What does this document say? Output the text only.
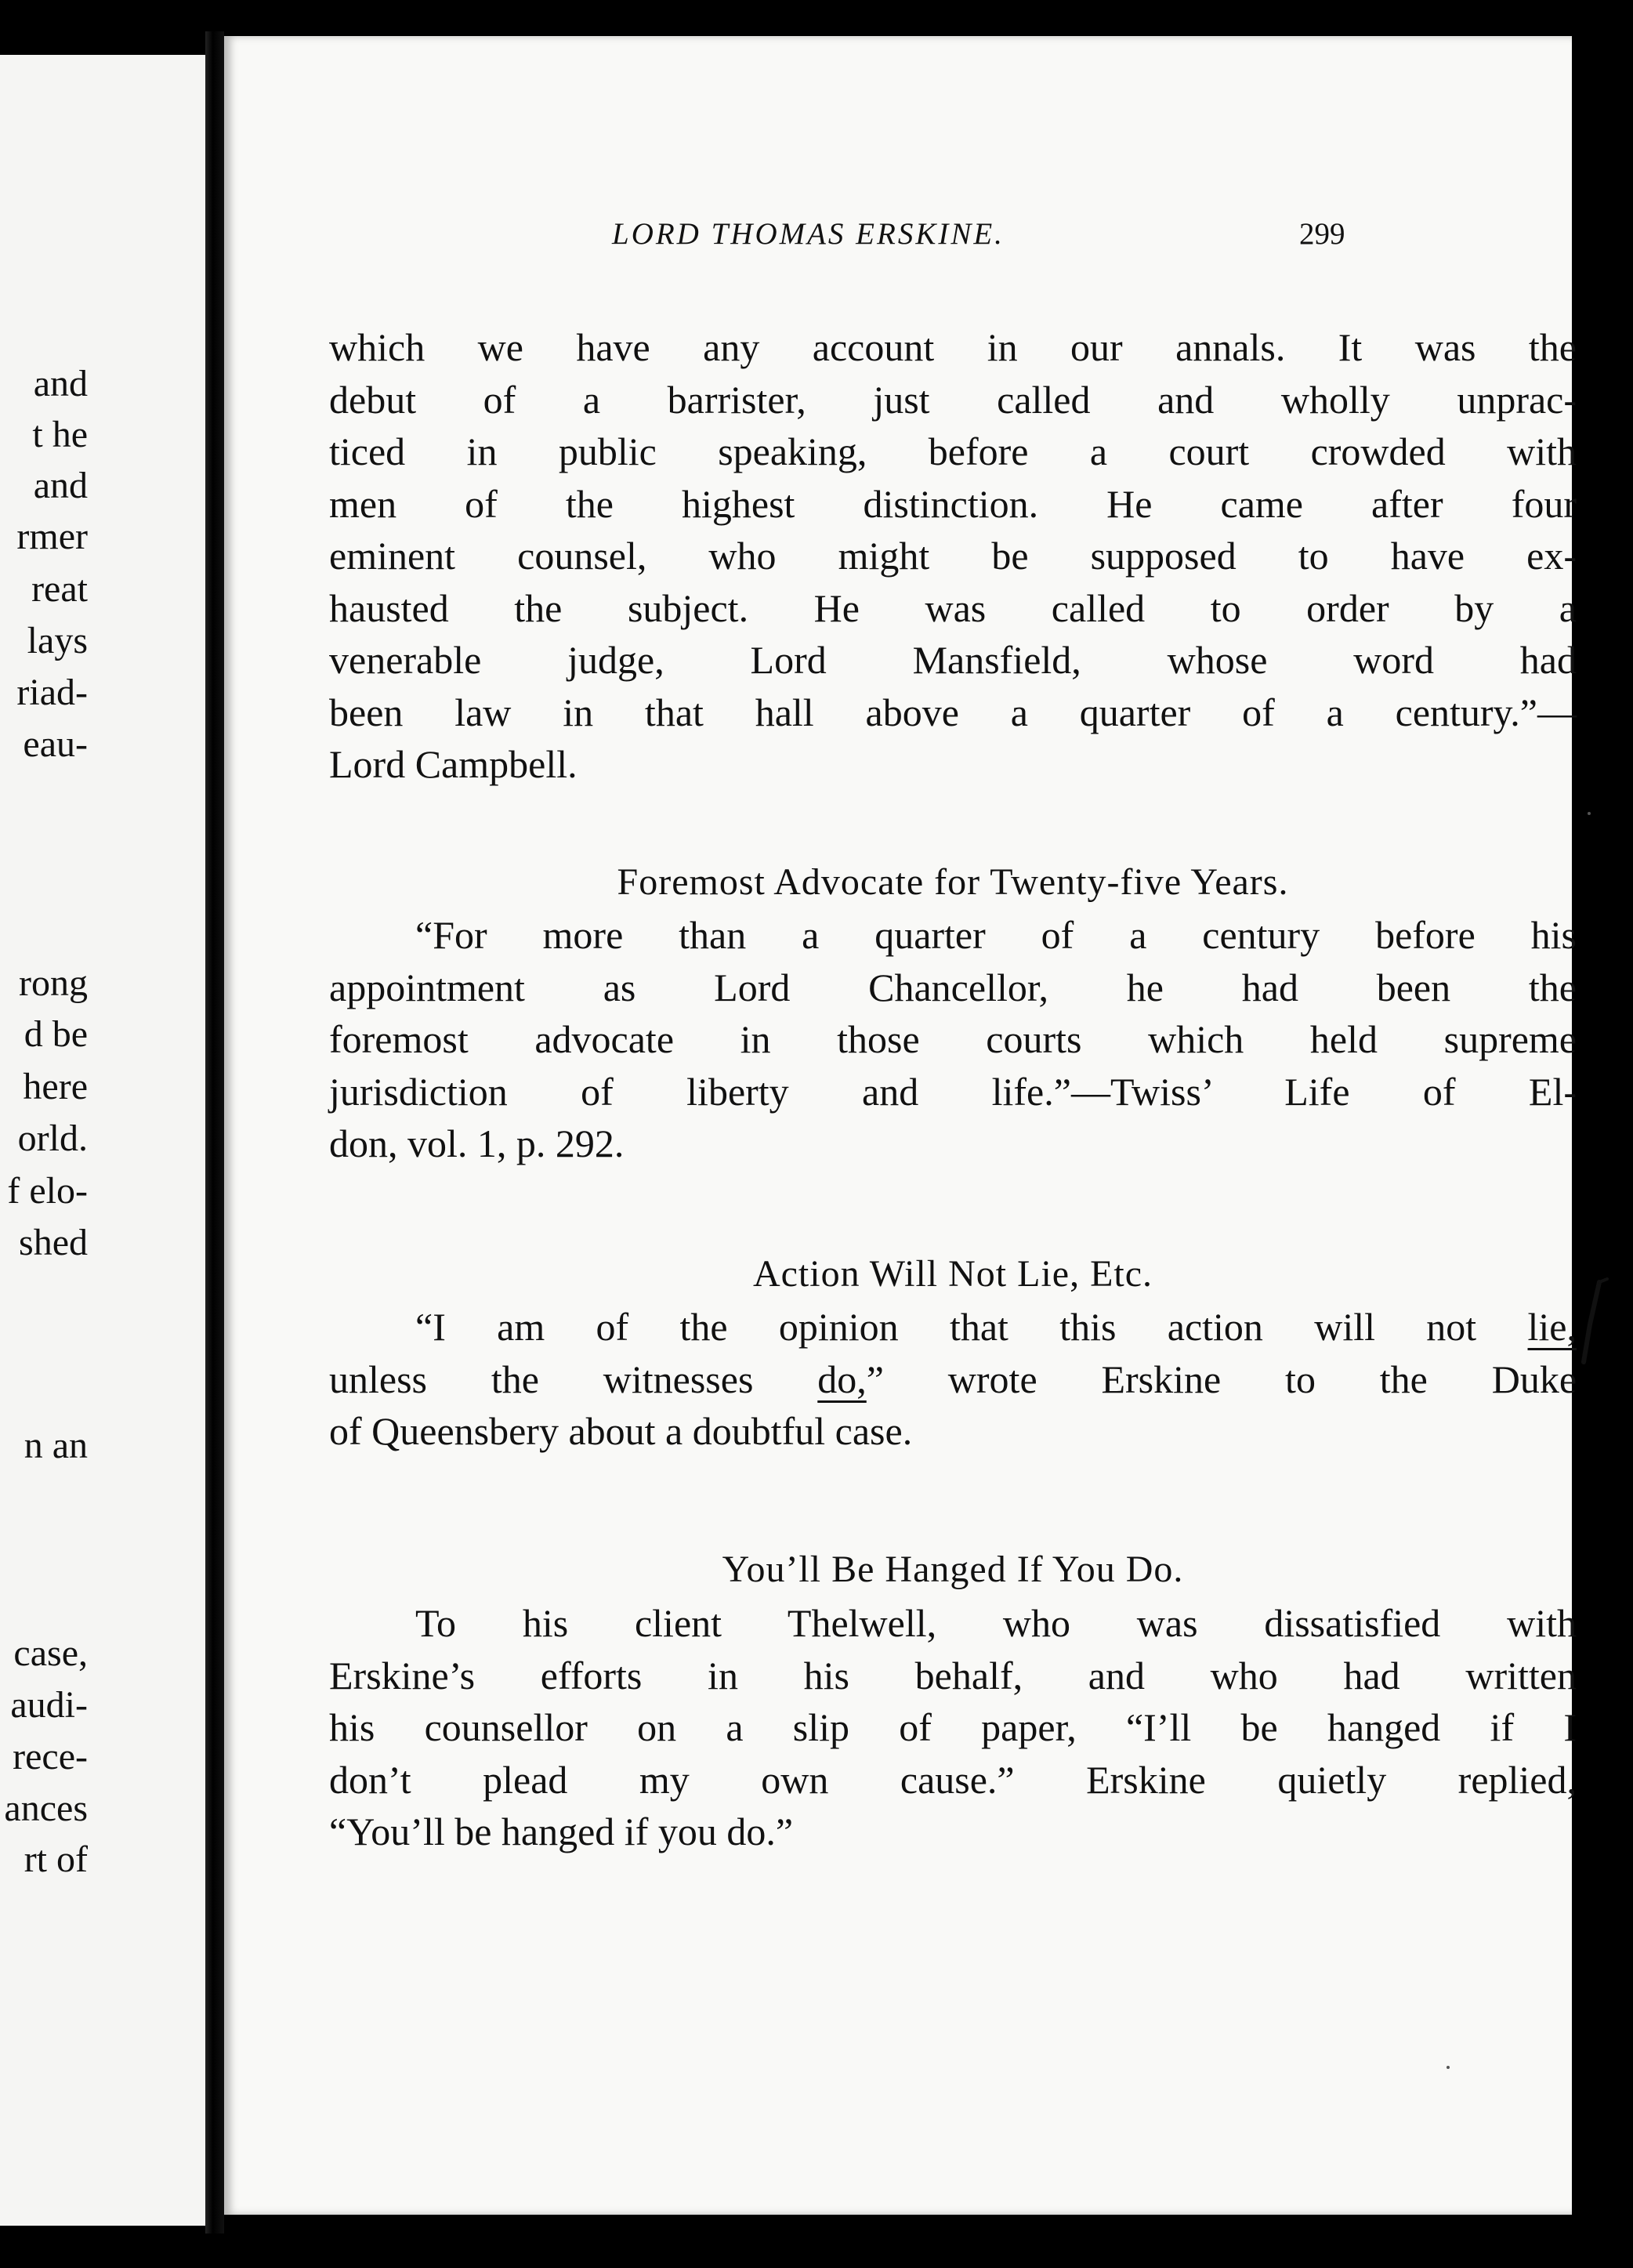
and
t he
and
rmer
reat
lays
riad-
eau-
rong
d be
here
orld.
f elo-
shed
n an
case,
audi-
rece-
ances
rt of
LORD THOMAS ERSKINE.	299
which we have any account in our annals. It was the
debut of a barrister, just called and wholly unprac-
ticed in public speaking, before a court crowded with
men of the highest distinction. He came after four
eminent counsel, who might be supposed to have ex-
hausted the subject. He was called to order by a
venerable judge, Lord Mansfield, whose word had
been law in that hall above a quarter of a century.”—
Lord Campbell.
Foremost Advocate for Twenty-five Years.
“For more than a quarter of a century before his
appointment as Lord Chancellor, he had been the
foremost advocate in those courts which held supreme
jurisdiction of liberty and life.”—Twiss’ Life of El-
don, vol. 1, p. 292.
Action Will Not Lie, Etc.
“I am of the opinion that this action will not lie,
unless the witnesses do,” wrote Erskine to the Duke
of Queensbery about a doubtful case.
You’ll Be Hanged If You Do.
To his client Thelwell, who was dissatisfied with
Erskine’s efforts in his behalf, and who had written
his counsellor on a slip of paper, “I’ll be hanged if I
don’t plead my own cause.” Erskine quietly replied,
“You’ll be hanged if you do.”
